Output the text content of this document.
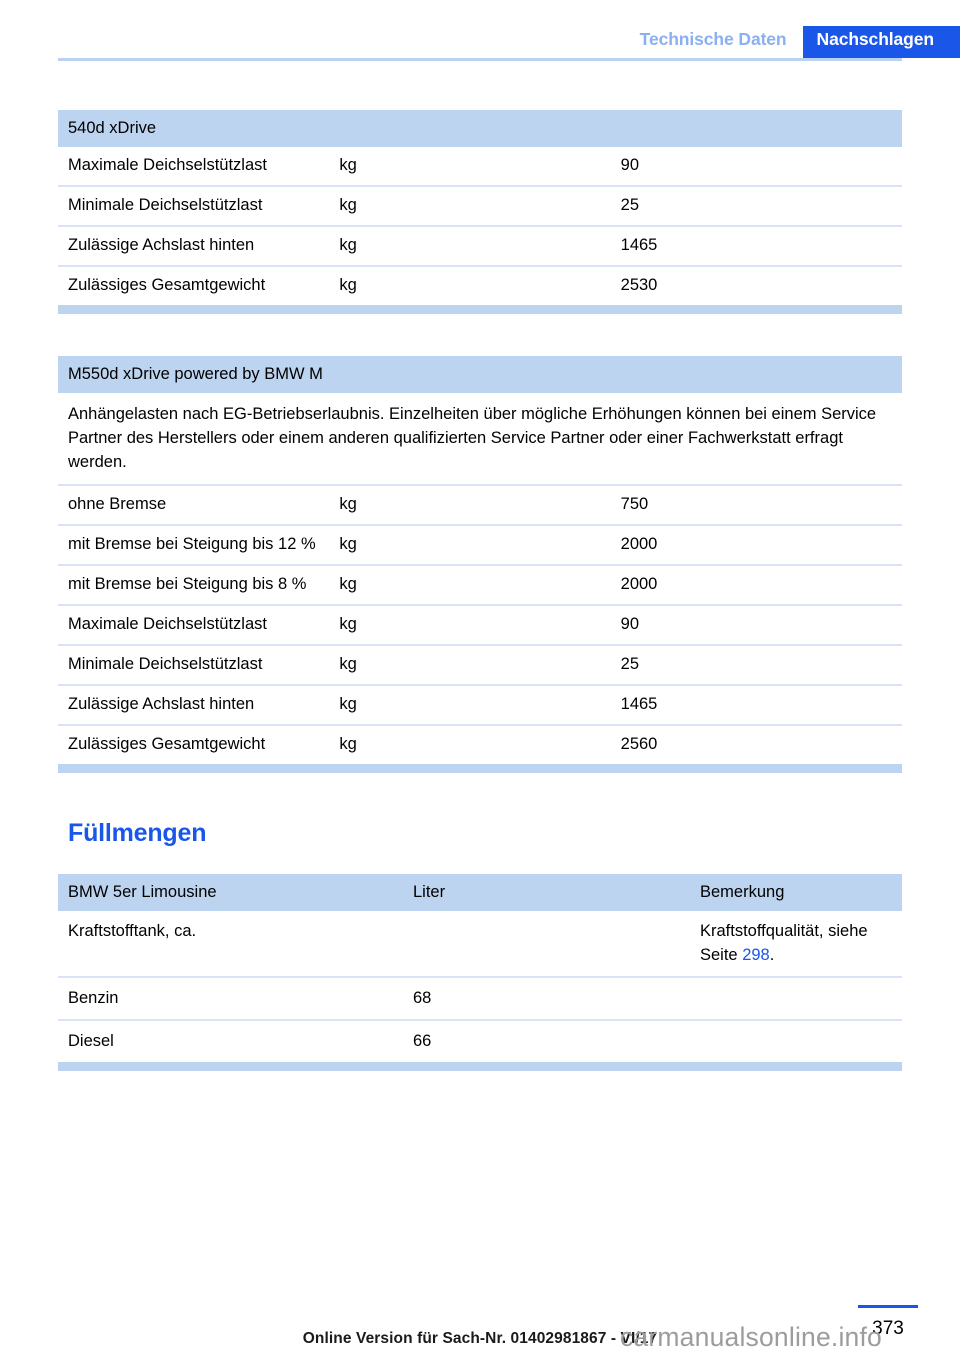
Technische Daten	Nachschlagen
540d xDrive		
Maximale Deichselstützlast	kg	90
Minimale Deichselstützlast	kg	25
Zulässige Achslast hinten	kg	1465
Zulässiges Gesamtgewicht	kg	2530
M550d xDrive powered by BMW M		
Anhängelasten nach EG-Betriebserlaubnis. Einzelheiten über mögliche Erhöhungen können bei einem Service Partner des Herstellers oder einem anderen qualifizierten Service Partner oder einer Fachwerkstatt erfragt werden.		
ohne Bremse	kg	750
mit Bremse bei Steigung bis 12 %	kg	2000
mit Bremse bei Steigung bis 8 %	kg	2000
Maximale Deichselstützlast	kg	90
Minimale Deichselstützlast	kg	25
Zulässige Achslast hinten	kg	1465
Zulässiges Gesamtgewicht	kg	2560
Füllmengen
BMW 5er Limousine	Liter	Bemerkung
Kraftstofftank, ca.		Kraftstoffqualität, siehe Seite 298.
Benzin	68	
Diesel	66	
373
Online Version für Sach-Nr. 01402981867 - VI/17
carmanualsonline.info
